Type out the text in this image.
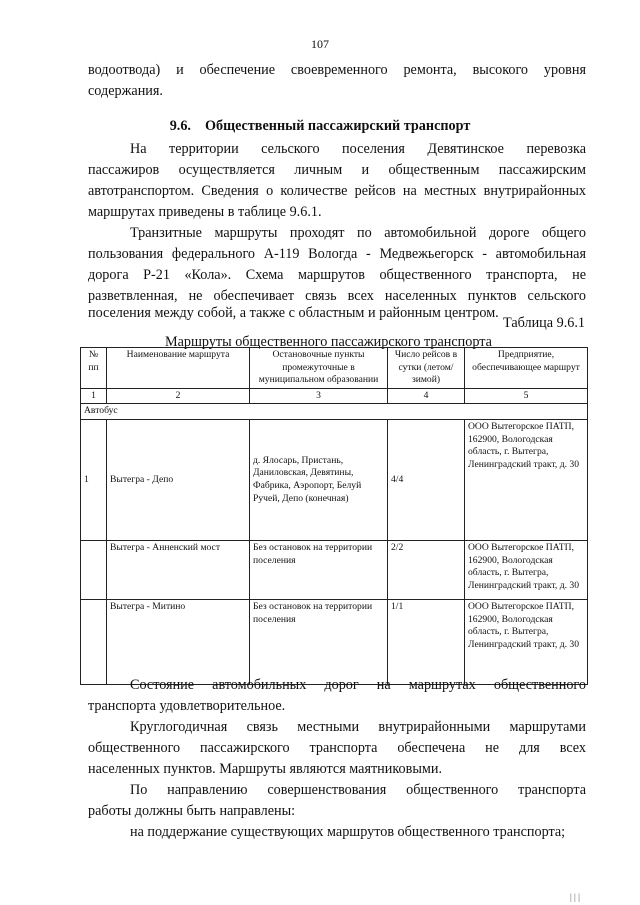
107
водоотвода) и обеспечение своевременного ремонта, высокого уровня
содержания.
9.6. Общественный пассажирский транспорт
На территории сельского поселения Девятинское перевозка
пассажиров осуществляется личным и общественным пассажирским
автотранспортом. Сведения о количестве рейсов на местных внутрирайонных
маршрутах приведены в таблице 9.6.1.
Транзитные маршруты проходят по автомобильной дороге общего
пользования федерального А-119 Вологда - Медвежьегорск - автомобильная
дорога Р-21 «Кола». Схема маршрутов общественного транспорта, не
разветвленная, не обеспечивает связь всех населенных пунктов сельского
поселения между собой, а также с областным и районным центром.
Таблица 9.6.1
Маршруты общественного пассажирского транспорта
№ пп	Наименование маршрута	Остановочные пункты промежуточные в муниципальном образовании	Число рейсов в сутки (летом/зимой)	Предприятие, обеспечивающее маршрут
1	2	3	4	5
Автобус				
1	Вытегра - Депо	д. Ялосарь, Пристань, Даниловская, Девятины, Фабрика, Аэропорт, Белуй Ручей, Депо (конечная)	4/4	ООО Вытегорское ПАТП, 162900, Вологодская область, г. Вытегра, Ленинградский тракт, д. 30
	Вытегра - Анненский мост	Без остановок на территории поселения	2/2	ООО Вытегорское ПАТП, 162900, Вологодская область, г. Вытегра, Ленинградский тракт, д. 30
	Вытегра - Митино	Без остановок на территории поселения	1/1	ООО Вытегорское ПАТП, 162900, Вологодская область, г. Вытегра, Ленинградский тракт, д. 30
Состояние автомобильных дорог на маршрутах общественного
транспорта удовлетворительное.
Круглогодичная связь местными внутрирайонными маршрутами
общественного пассажирского транспорта обеспечена не для всех
населенных пунктов. Маршруты являются маятниковыми.
По направлению совершенствования общественного транспорта
работы должны быть направлены:
на поддержание существующих маршрутов общественного транспорта;
| | |
